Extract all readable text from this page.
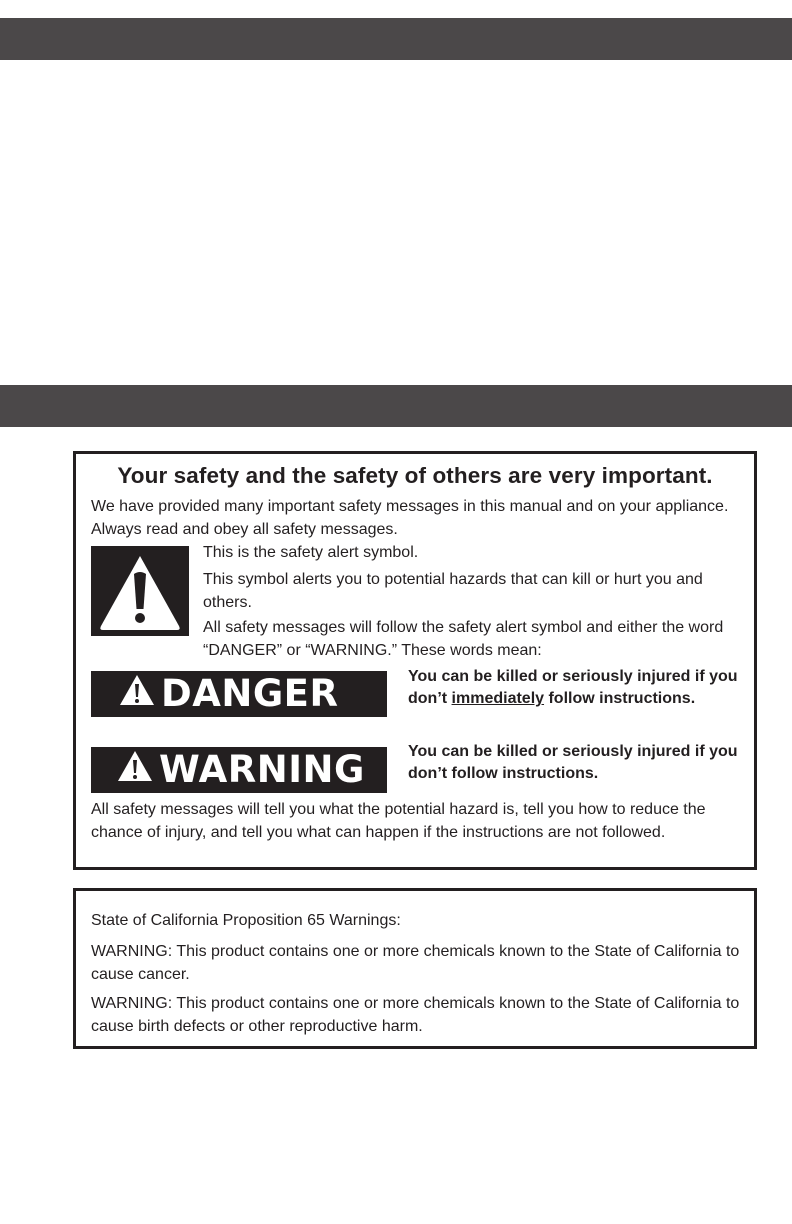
Your safety and the safety of others are very important.

We have provided many important safety messages in this manual and on your appliance. Always read and obey all safety messages.

This is the safety alert symbol.

This symbol alerts you to potential hazards that can kill or hurt you and others.

All safety messages will follow the safety alert symbol and either the word “DANGER” or “WARNING.” These words mean:

DANGER	You can be killed or seriously injured if you don’t immediately follow instructions.
WARNING	You can be killed or seriously injured if you don’t follow instructions.

All safety messages will tell you what the potential hazard is, tell you how to reduce the chance of injury, and tell you what can happen if the instructions are not followed.

State of California Proposition 65 Warnings:

WARNING: This product contains one or more chemicals known to the State of California to cause cancer.

WARNING: This product contains one or more chemicals known to the State of California to cause birth defects or other reproductive harm.
